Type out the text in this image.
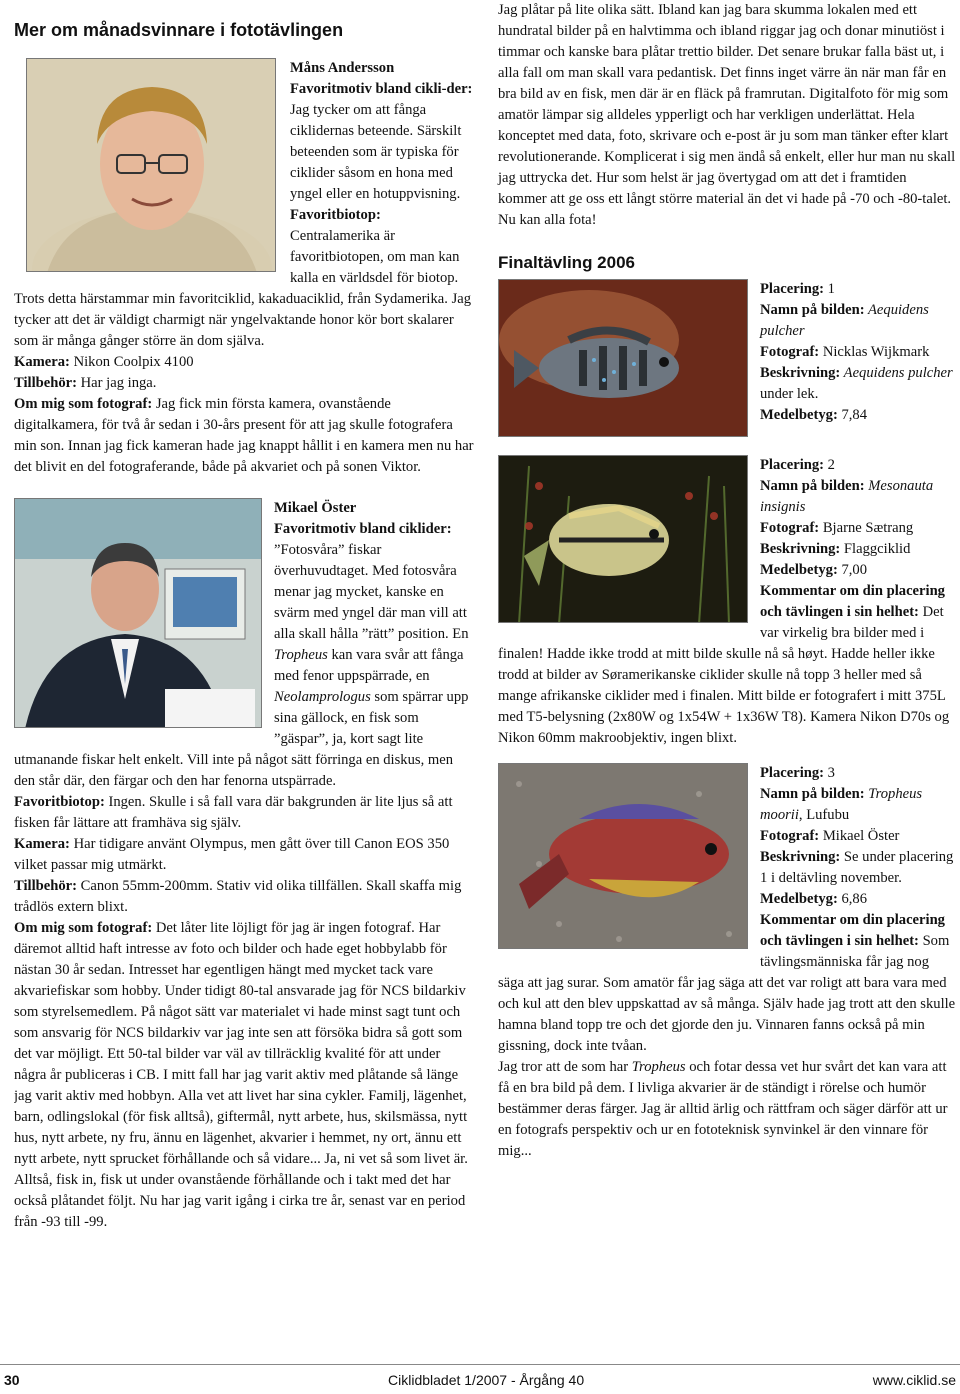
Mer om månadsvinnare i fototävlingen

Måns Andersson

Favoritmotiv bland cikli-der: Jag tycker om att fånga ciklidernas beteende. Särskilt beteenden som är typiska för ciklider såsom en hona med yngel eller en hotuppvisning.

Favoritbiotop: Centralamerika är favoritbiotopen, om man kan kalla en världsdel för biotop. Trots detta härstammar min favoritciklid, kakaduaciklid, från Sydamerika. Jag tycker att det är väldigt charmigt när yngelvaktande honor kör bort skalarer som är många gånger större än dom själva.

Kamera: Nikon Coolpix 4100

Tillbehör: Har jag inga.

Om mig som fotograf: Jag fick min första kamera, ovanstående digitalkamera, för två år sedan i 30-års present för att jag skulle fotografera min son. Innan jag fick kameran hade jag knappt hållit i en kamera men nu har det blivit en del fotograferande, både på akvariet och på sonen Viktor.

Mikael Öster

Favoritmotiv bland ciklider: ”Fotosvåra” fiskar överhuvudtaget. Med fotosvåra menar jag mycket, kanske en svärm med yngel där man vill att alla skall hålla ”rätt” position. En Tropheus kan vara svår att fånga med fenor uppspärrade, en Neolamprologus som spärrar upp sina gällock, en fisk som ”gäspar”, ja, kort sagt lite utmanande fiskar helt enkelt. Vill inte på något sätt förringa en diskus, men den står där, den färgar och den har fenorna utspärrade.

Favoritbiotop: Ingen. Skulle i så fall vara där bakgrunden är lite ljus så att fisken får lättare att framhäva sig själv.

Kamera: Har tidigare använt Olympus, men gått över till Canon EOS 350 vilket passar mig utmärkt.

Tillbehör: Canon 55mm-200mm. Stativ vid olika tillfällen. Skall skaffa mig trådlös extern blixt.

Om mig som fotograf: Det låter lite löjligt för jag är ingen fotograf. Har däremot alltid haft intresse av foto och bilder och hade eget hobbylabb för nästan 30 år sedan. Intresset har egentligen hängt med mycket tack vare akvariefiskar som hobby. Under tidigt 80-tal ansvarade jag för NCS bildarkiv som styrelsemedlem. På något sätt var materialet vi hade minst sagt tunt och som ansvarig för NCS bildarkiv var jag inte sen att försöka bidra så gott som det var möjligt. Ett 50-tal bilder var väl av tillräcklig kvalité för att under några år publiceras i CB. I mitt fall har jag varit aktiv med plåtande så länge jag varit aktiv med hobbyn. Alla vet att livet har sina cykler. Familj, lägenhet, barn, odlingslokal (för fisk alltså), giftermål, nytt arbete, hus, skilsmässa, nytt hus, nytt arbete, ny fru, ännu en lägenhet, akvarier i hemmet, ny ort, ännu ett nytt arbete, nytt sprucket förhållande och så vidare... Ja, ni vet så som livet är. Alltså, fisk in, fisk ut under ovanstående förhållande och i takt med det har också plåtandet följt. Nu har jag varit igång i cirka tre år, senast var en period från -93 till -99.

Jag plåtar på lite olika sätt. Ibland kan jag bara skumma lokalen med ett hundratal bilder på en halvtimma och ibland riggar jag och donar minutiöst i timmar och kanske bara plåtar trettio bilder. Det senare brukar falla bäst ut, i alla fall om man skall vara pedantisk. Det finns inget värre än när man får en bra bild av en fisk, men där är en fläck på framrutan. Digitalfoto för mig som amatör lämpar sig alldeles ypperligt och har verkligen underlättat. Hela konceptet med data, foto, skrivare och e-post är ju som man tänker efter klart revolutionerande. Komplicerat i sig men ändå så enkelt, eller hur man nu skall jag uttrycka det. Hur som helst är jag övertygad om att det i framtiden kommer att ge oss ett långt större material än det vi hade på -70 och -80-talet. Nu kan alla fota!

Finaltävling 2006

Placering: 1

Namn på bilden: Aequidens pulcher

Fotograf: Nicklas Wijkmark

Beskrivning: Aequidens pulcher under lek.

Medelbetyg: 7,84

Placering: 2

Namn på bilden: Mesonauta insignis

Fotograf: Bjarne Sætrang

Beskrivning: Flaggciklid

Medelbetyg: 7,00

Kommentar om din placering och tävlingen i sin helhet: Det var virkelig bra bilder med i finalen! Hadde ikke trodd at mitt bilde skulle nå så høyt. Hadde heller ikke trodd at bilder av Søramerikanske ciklider skulle nå topp 3 heller med så mange afrikanske ciklider med i finalen. Mitt bilde er fotografert i mitt 375L med T5-belysning (2x80W og 1x54W + 1x36W T8). Kamera Nikon D70s og Nikon 60mm makroobjektiv, ingen blixt.

Placering: 3

Namn på bilden: Tropheus moorii, Lufubu

Fotograf: Mikael Öster

Beskrivning: Se under placering 1 i deltävling november.

Medelbetyg: 6,86

Kommentar om din placering och tävlingen i sin helhet: Som tävlingsmänniska får jag nog säga att jag surar. Som amatör får jag säga att det var roligt att bara vara med och kul att den blev uppskattad av så många. Själv hade jag trott att den skulle hamna bland topp tre och det gjorde den ju. Vinnaren fanns också på min gissning, dock inte tvåan.

Jag tror att de som har Tropheus och fotar dessa vet hur svårt det kan vara att få en bra bild på dem. I livliga akvarier är de ständigt i rörelse och humör bestämmer deras färger. Jag är alltid ärlig och rättfram och säger därför att ur en fotografs perspektiv och ur en fototeknisk synvinkel är den vinnare för mig...

30	Ciklidbladet 1/2007 - Årgång 40	www.ciklid.se
